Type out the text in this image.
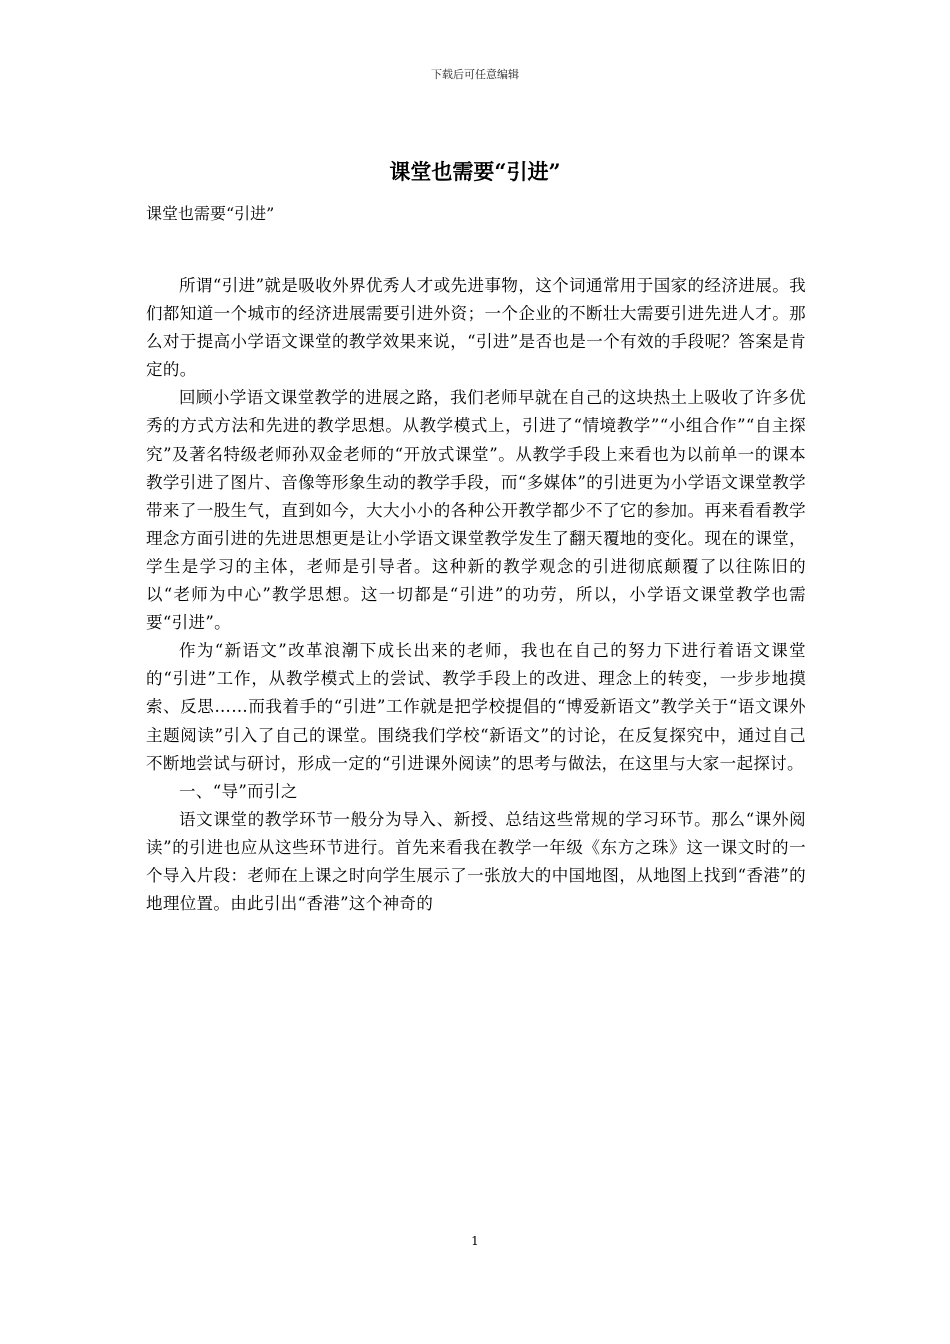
下载后可任意编辑
课堂也需要“引进”

课堂也需要“引进”

所谓“引进”就是吸收外界优秀人才或先进事物，这个词通常用于国家的经济进展。我们都知道一个城市的经济进展需要引进外资；一个企业的不断壮大需要引进先进人才。那么对于提高小学语文课堂的教学效果来说，“引进”是否也是一个有效的手段呢？答案是肯定的。

回顾小学语文课堂教学的进展之路，我们老师早就在自己的这块热土上吸收了许多优秀的方式方法和先进的教学思想。从教学模式上，引进了“情境教学”“小组合作”“自主探究”及著名特级老师孙双金老师的“开放式课堂”。从教学手段上来看也为以前单一的课本教学引进了图片、音像等形象生动的教学手段，而“多媒体”的引进更为小学语文课堂教学带来了一股生气，直到如今，大大小小的各种公开教学都少不了它的参加。再来看看教学理念方面引进的先进思想更是让小学语文课堂教学发生了翻天覆地的变化。现在的课堂，学生是学习的主体，老师是引导者。这种新的教学观念的引进彻底颠覆了以往陈旧的以“老师为中心”教学思想。这一切都是“引进”的功劳，所以，小学语文课堂教学也需要“引进”。

作为“新语文”改革浪潮下成长出来的老师，我也在自己的努力下进行着语文课堂的“引进”工作，从教学模式上的尝试、教学手段上的改进、理念上的转变，一步步地摸索、反思……而我着手的“引进”工作就是把学校提倡的“博爱新语文”教学关于“语文课外主题阅读”引入了自己的课堂。围绕我们学校“新语文”的讨论，在反复探究中，通过自己不断地尝试与研讨，形成一定的“引进课外阅读”的思考与做法，在这里与大家一起探讨。

一、“导”而引之

语文课堂的教学环节一般分为导入、新授、总结这些常规的学习环节。那么“课外阅读”的引进也应从这些环节进行。首先来看我在教学一年级《东方之珠》这一课文时的一个导入片段：老师在上课之时向学生展示了一张放大的中国地图，从地图上找到“香港”的地理位置。由此引出“香港”这个神奇的

1
